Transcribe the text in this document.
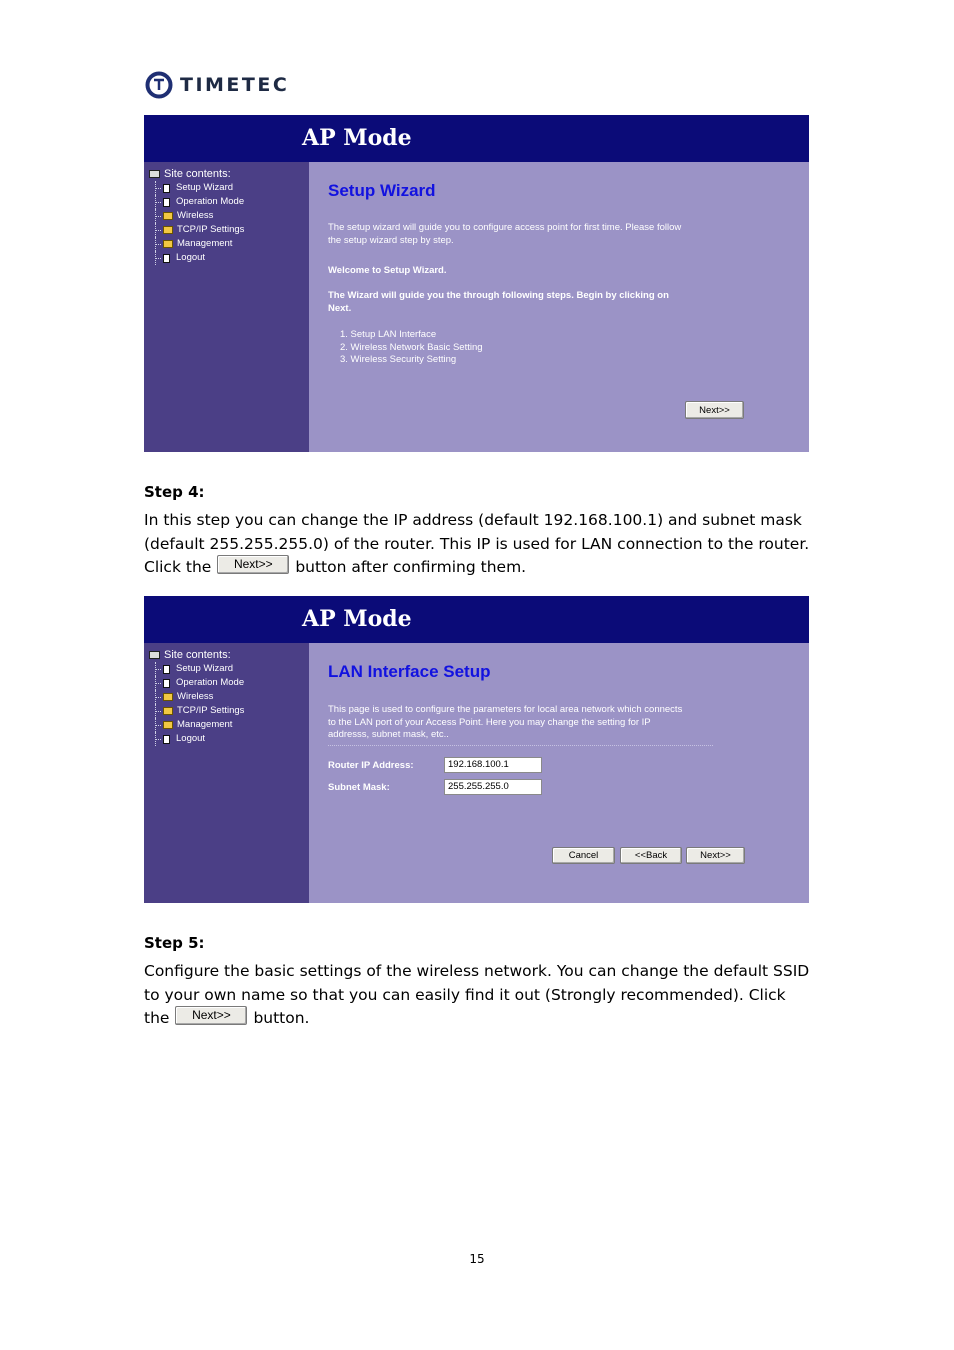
TIMETEC
AP Mode
Site contents:
Setup Wizard
Operation Mode
Wireless
TCP/IP Settings
Management
Logout
Setup Wizard
The setup wizard will guide you to configure access point for first time. Please follow
the setup wizard step by step.
Welcome to Setup Wizard.
The Wizard will guide you the through following steps. Begin by clicking on
Next.
1. Setup LAN Interface
2. Wireless Network Basic Setting
3. Wireless Security Setting
Next>>
Step 4:
In this step you can change the IP address (default 192.168.100.1) and subnet mask
(default 255.255.255.0) of the router. This IP is used for LAN connection to the router.
Click the Next>> button after confirming them.
AP Mode
Site contents:
Setup Wizard
Operation Mode
Wireless
TCP/IP Settings
Management
Logout
LAN Interface Setup
This page is used to configure the parameters for local area network which connects
to the LAN port of your Access Point. Here you may change the setting for IP
addresss, subnet mask, etc..
Router IP Address:	192.168.100.1
Subnet Mask:	255.255.255.0
Cancel	<<Back	Next>>
Step 5:
Configure the basic settings of the wireless network. You can change the default SSID
to your own name so that you can easily find it out (Strongly recommended). Click
the Next>> button.
15
